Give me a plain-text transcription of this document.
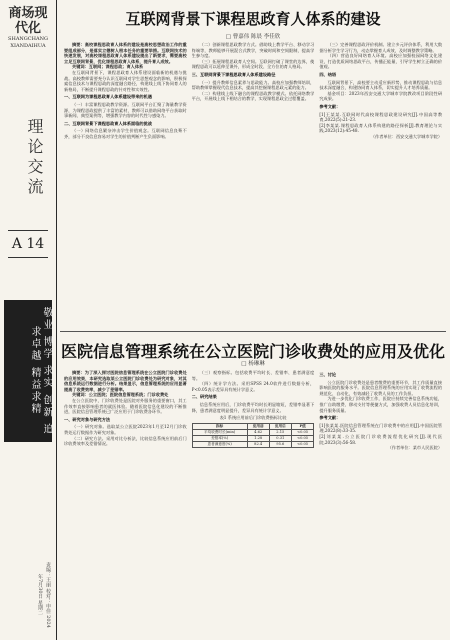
商场现代化
SHANGCHANG XIANDAIHUA
理论交流
A 14
敬业 博学 求实 创新 追求卓越 精益求精
责编：王丽 校对：申佳 2024年7月30日 星期二
互联网背景下课程思政育人体系的建设
□ 曹嘉伟 陈晨 李佳欣

摘要：高校课程思政育人体系的建设是高校思想政治工作的重要组成部分，是落实立德树人根本任务的重要举措。互联网技术的快速发展，对高校课程思政育人体系建设提出了新要求，需要高校立足互联网背景，优化课程思政育人体系，提升育人成效。

关键词：互联网；课程思政；育人体系

在互联网背景下，课程思政育人体系建设面临新的机遇与挑战。高校教师需要充分认识互联网对学生思想观念的影响，积极探索信息技术与课程思政的深度融合路径，构建线上线下协同育人的新格局，不断提升课程思政的针对性和实效性。

一、互联网为课程思政育人体系建设带来的机遇

（一）丰富课程思政教学资源。互联网平台汇聚了海量教学资源，为课程思政提供了丰富的素材，教师可以借助网络平台获取时事新闻、典型案例等，增强教学内容的时代性与感染力。

二、互联网背景下课程思政育人体系面临的挑战

（一）网络信息繁杂冲击学生价值观念。互联网信息良莠不齐，部分不良信息容易对学生的价值判断产生负面影响。

（二）创新课程思政教学方式。借助线上教学平台、移动学习终端等，教师能够开展混合式教学，突破时间和空间限制，提高学生参与度。

（三）拓展课程思政育人空间。互联网打破了课堂的边界，使课程思政可以延伸至课外，形成全时段、全方位的育人格局。

三、互联网背景下课程思政育人体系建设路径

（一）提升教师信息素养与思政能力。高校应加强教师培训，帮助教师掌握现代信息技术，提高其挖掘课程思政元素的能力。

（二）构建线上线下融合的课程思政教学模式。依托网络教学平台，开展线上线下相结合的教学，实现课程思政全过程覆盖。

（三）完善课程思政评价机制。建立多元评价体系，利用大数据分析学生学习行为，动态掌握育人成效，及时调整教学策略。

（四）营造良好网络育人环境。高校应加强校园网络文化建设，打造优质网络思政平台，传播正能量，引导学生树立正确的价值观。

四、结语

互联网背景下，高校要主动适应新形势，推动课程思政与信息技术深度融合，构建协同育人体系，切实提升人才培养质量。

基金项目：2023年西安交通大学城市学院教改项目阶段性研究成果。

参考文献：

[1]王某某.互联网时代高校课程思政建设研究[J].中国高等教育,2022(5):21-23.

[2]李某某.课程思政育人体系构建的路径探析[J].教育理论与实践,2023(12):45-48.

（作者单位：西安交通大学城市学院）

医院信息管理系统在公立医院门诊收费处的应用及优化
□ 杨琳琳

摘要：为了深入探讨医院信息管理系统在公立医院门诊收费处的应用效果，本研究选取某公立医院门诊收费处为研究对象，对其信息系统运行数据进行分析。结果显示，信息管理系统的应用显著提高了收费效率，减少了差错率。

关键词：公立医院；医院信息管理系统；门诊收费处

在公立医院中，门诊收费处是医院对外服务的重要窗口，其工作效率直接影响患者的就医体验。随着医院信息化建设的不断推进，医院信息管理系统已广泛应用于门诊收费各环节。

一、研究对象与研究方法

（一）研究对象。选取某公立医院2023年1月至12月门诊收费处运行数据作为研究对象。

（二）研究方法。采用对比分析法，比较信息系统应用前后门诊收费效率及差错情况。

（三）观察指标。包括收费平均时长、差错率、患者满意度等。

（四）统计学方法。采用SPSS 24.0软件进行数据分析，P<0.05表示差异具有统计学意义。

二、研究结果

信息系统应用后，门诊收费平均时长明显缩短，差错率显著下降，患者满意度明显提升，差异具有统计学意义。

表1 系统应用前后门诊收费指标比较
指标	应用前	应用后	P值
平均收费时长(min)	4.62	2.15	<0.05
差错率(%)	1.28	0.31	<0.05
患者满意度(%)	82.4	95.6	<0.05
三、讨论

公立医院门诊收费处是患者缴费的重要环节，其工作质量直接影响医院的服务水平。医院信息管理系统的应用实现了收费流程的规范化、自动化，有效减轻了收费人员的工作负担。

为进一步优化门诊收费工作，医院应持续完善信息系统功能，推广自助缴费、移动支付等便捷方式，加强收费人员信息化培训，提升服务质量。

参考文献：

[1]张某某.医院信息管理系统在门诊收费中的应用[J].中国医院管理,2022(8):33-35.

[2]刘某某.公立医院门诊收费流程优化研究[J].现代医院,2023(3):56-58.

（作者单位：某市人民医院）
